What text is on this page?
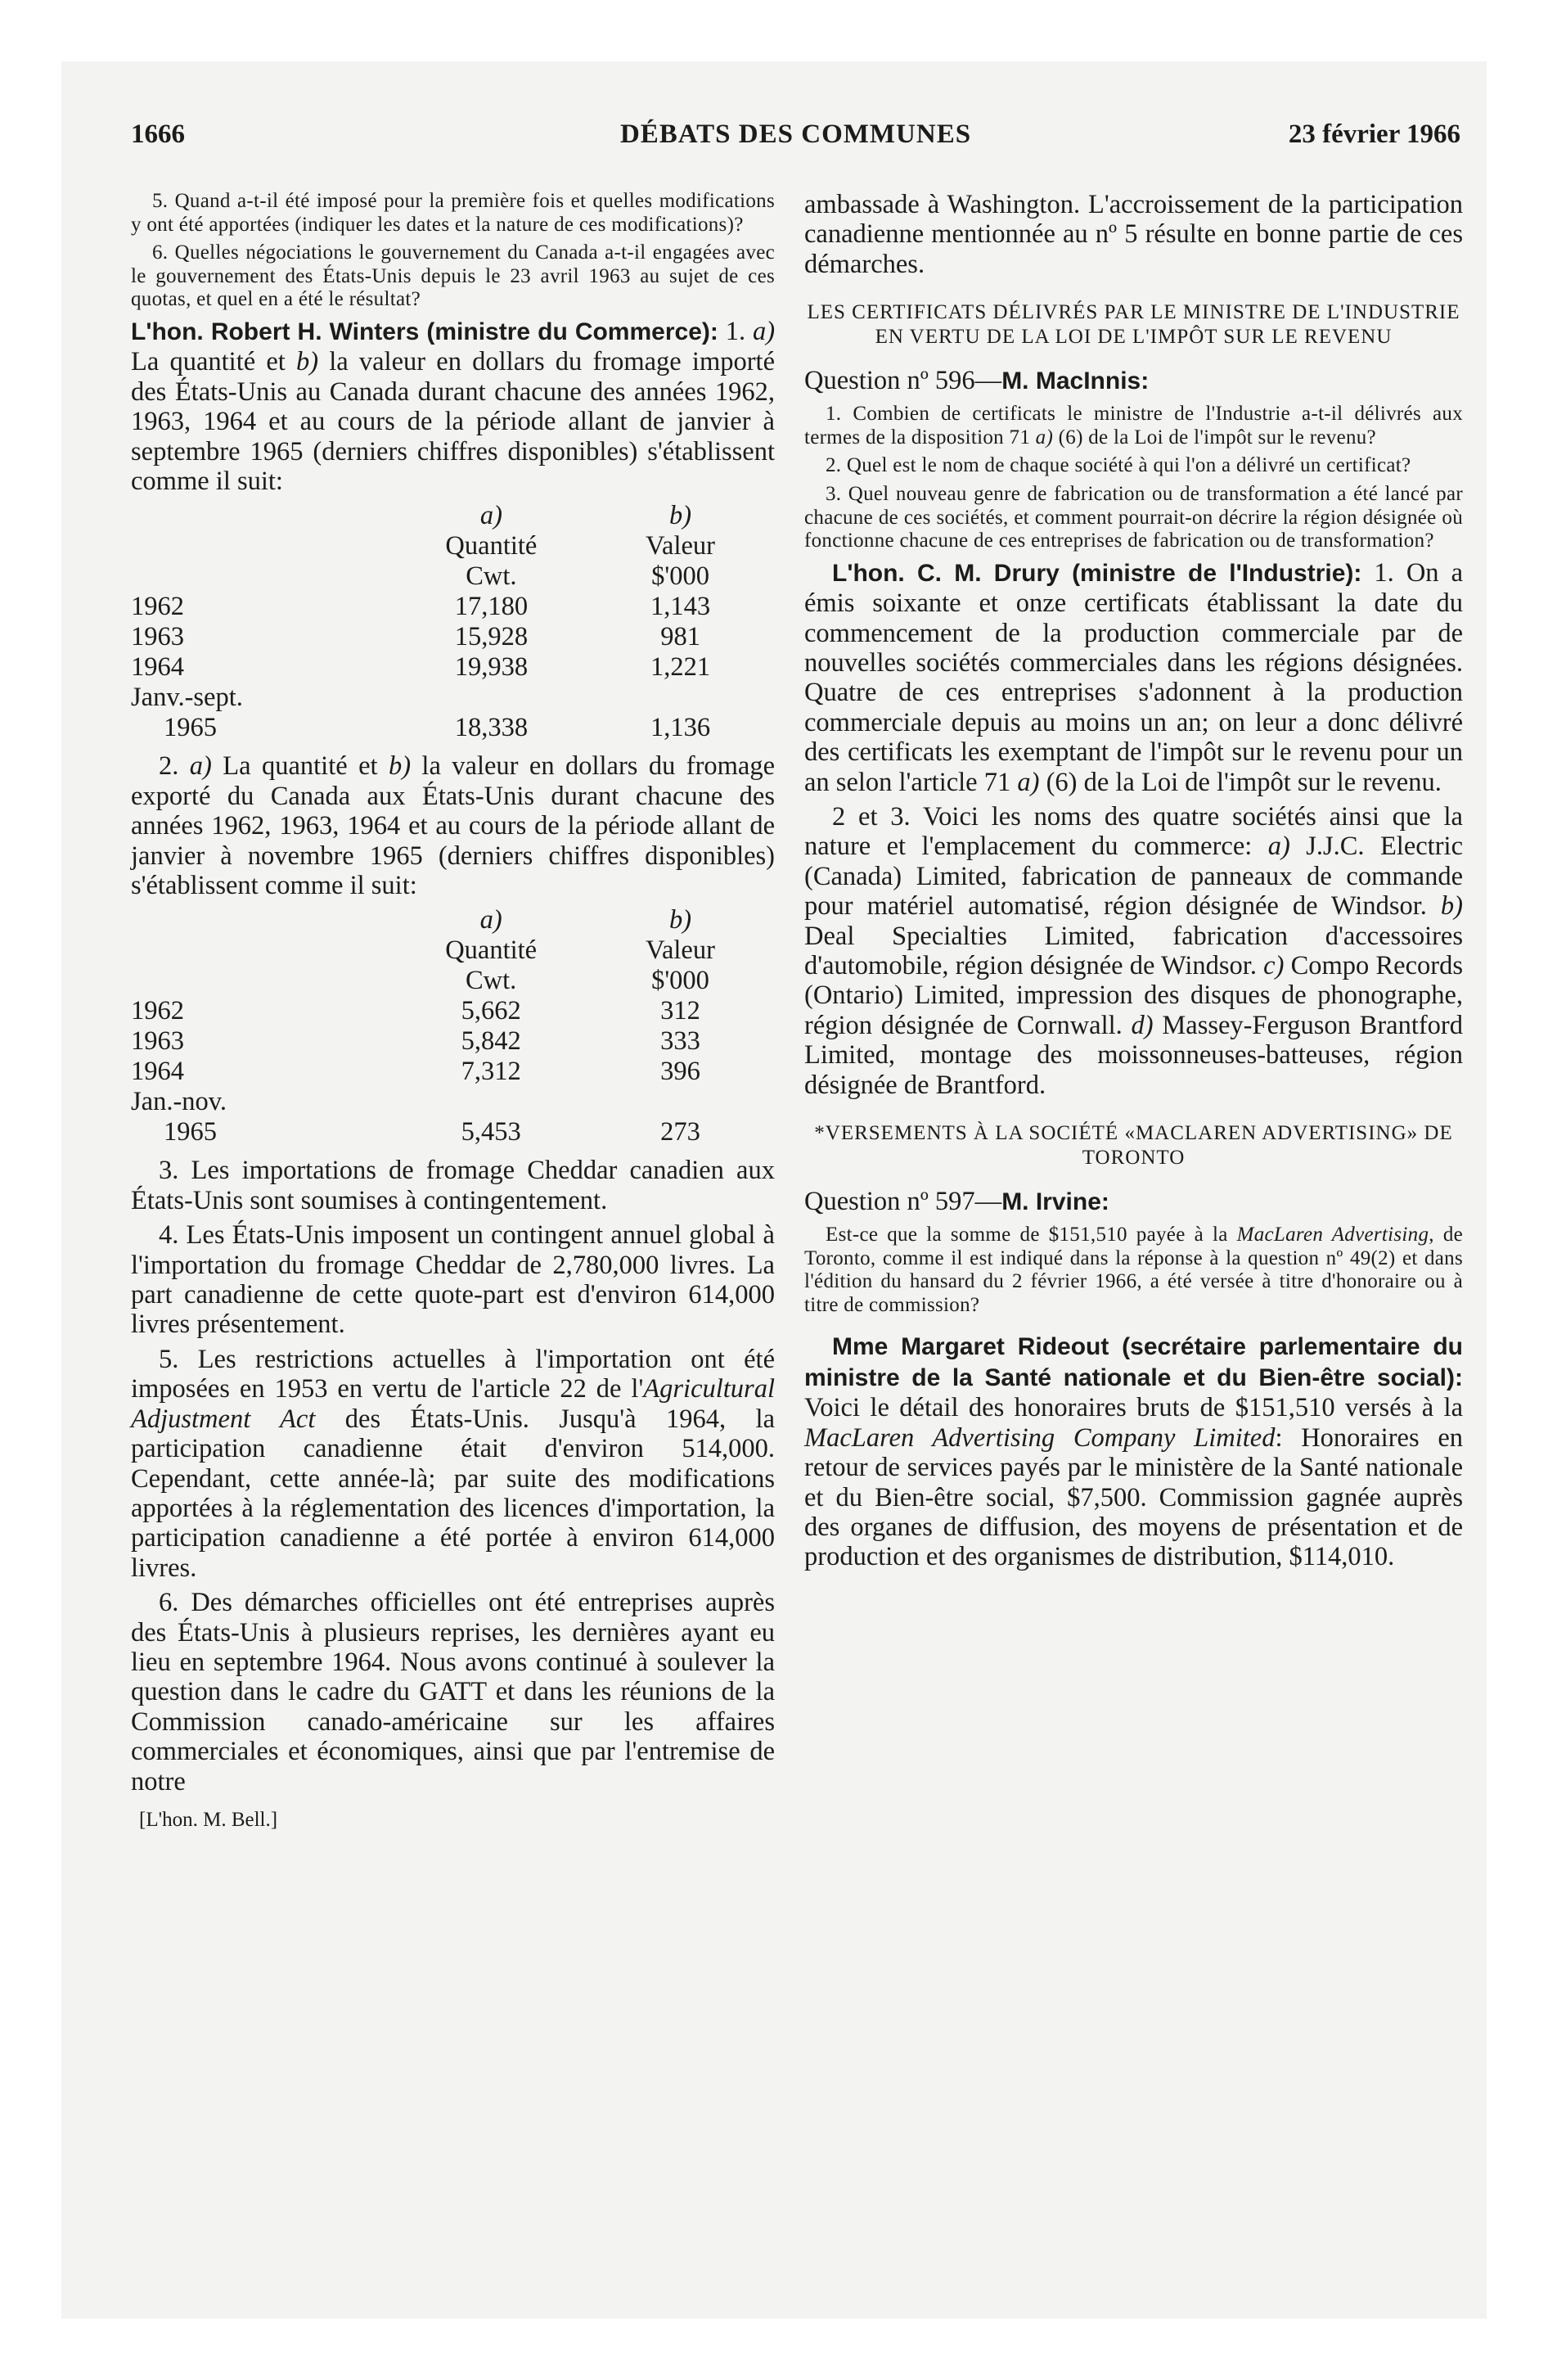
1666	DÉBATS DES COMMUNES	23 février 1966

5. Quand a-t-il été imposé pour la première fois et quelles modifications y ont été apportées (indiquer les dates et la nature de ces modifications)?

6. Quelles négociations le gouvernement du Canada a-t-il engagées avec le gouvernement des États-Unis depuis le 23 avril 1963 au sujet de ces quotas, et quel en a été le résultat?

L'hon. Robert H. Winters (ministre du Commerce): 1. a) La quantité et b) la valeur en dollars du fromage importé des États-Unis au Canada durant chacune des années 1962, 1963, 1964 et au cours de la période allant de janvier à septembre 1965 (derniers chiffres disponibles) s'établissent comme il suit:

	a)	b)
	Quantité	Valeur
	Cwt.	$'000
1962	17,180	1,143
1963	15,928	981
1964	19,938	1,221
Janv.-sept.		
1965	18,338	1,136

2. a) La quantité et b) la valeur en dollars du fromage exporté du Canada aux États-Unis durant chacune des années 1962, 1963, 1964 et au cours de la période allant de janvier à novembre 1965 (derniers chiffres disponibles) s'établissent comme il suit:

	a)	b)
	Quantité	Valeur
	Cwt.	$'000
1962	5,662	312
1963	5,842	333
1964	7,312	396
Jan.-nov.		
1965	5,453	273

3. Les importations de fromage Cheddar canadien aux États-Unis sont soumises à contingentement.

4. Les États-Unis imposent un contingent annuel global à l'importation du fromage Cheddar de 2,780,000 livres. La part canadienne de cette quote-part est d'environ 614,000 livres présentement.

5. Les restrictions actuelles à l'importation ont été imposées en 1953 en vertu de l'article 22 de l'Agricultural Adjustment Act des États-Unis. Jusqu'à 1964, la participation canadienne était d'environ 514,000. Cependant, cette année-là; par suite des modifications apportées à la réglementation des licences d'importation, la participation canadienne a été portée à environ 614,000 livres.

6. Des démarches officielles ont été entreprises auprès des États-Unis à plusieurs reprises, les dernières ayant eu lieu en septembre 1964. Nous avons continué à soulever la question dans le cadre du GATT et dans les réunions de la Commission canado-américaine sur les affaires commerciales et économiques, ainsi que par l'entremise de notre

[L'hon. M. Bell.]

ambassade à Washington. L'accroissement de la participation canadienne mentionnée au nº 5 résulte en bonne partie de ces démarches.

LES CERTIFICATS DÉLIVRÉS PAR LE MINISTRE DE L'INDUSTRIE EN VERTU DE LA LOI DE L'IMPÔT SUR LE REVENU
Question nº 596—M. MacInnis:

1. Combien de certificats le ministre de l'Industrie a-t-il délivrés aux termes de la disposition 71 a) (6) de la Loi de l'impôt sur le revenu?

2. Quel est le nom de chaque société à qui l'on a délivré un certificat?

3. Quel nouveau genre de fabrication ou de transformation a été lancé par chacune de ces sociétés, et comment pourrait-on décrire la région désignée où fonctionne chacune de ces entreprises de fabrication ou de transformation?

L'hon. C. M. Drury (ministre de l'Industrie): 1. On a émis soixante et onze certificats établissant la date du commencement de la production commerciale par de nouvelles sociétés commerciales dans les régions désignées. Quatre de ces entreprises s'adonnent à la production commerciale depuis au moins un an; on leur a donc délivré des certificats les exemptant de l'impôt sur le revenu pour un an selon l'article 71 a) (6) de la Loi de l'impôt sur le revenu.

2 et 3. Voici les noms des quatre sociétés ainsi que la nature et l'emplacement du commerce: a) J.J.C. Electric (Canada) Limited, fabrication de panneaux de commande pour matériel automatisé, région désignée de Windsor. b) Deal Specialties Limited, fabrication d'accessoires d'automobile, région désignée de Windsor. c) Compo Records (Ontario) Limited, impression des disques de phonographe, région désignée de Cornwall. d) Massey-Ferguson Brantford Limited, montage des moissonneuses-batteuses, région désignée de Brantford.

*VERSEMENTS À LA SOCIÉTÉ «MACLAREN ADVERTISING» DE TORONTO
Question nº 597—M. Irvine:

Est-ce que la somme de $151,510 payée à la MacLaren Advertising, de Toronto, comme il est indiqué dans la réponse à la question nº 49(2) et dans l'édition du hansard du 2 février 1966, a été versée à titre d'honoraire ou à titre de commission?

Mme Margaret Rideout (secrétaire parlementaire du ministre de la Santé nationale et du Bien-être social): Voici le détail des honoraires bruts de $151,510 versés à la MacLaren Advertising Company Limited: Honoraires en retour de services payés par le ministère de la Santé nationale et du Bien-être social, $7,500. Commission gagnée auprès des organes de diffusion, des moyens de présentation et de production et des organismes de distribution, $114,010.
